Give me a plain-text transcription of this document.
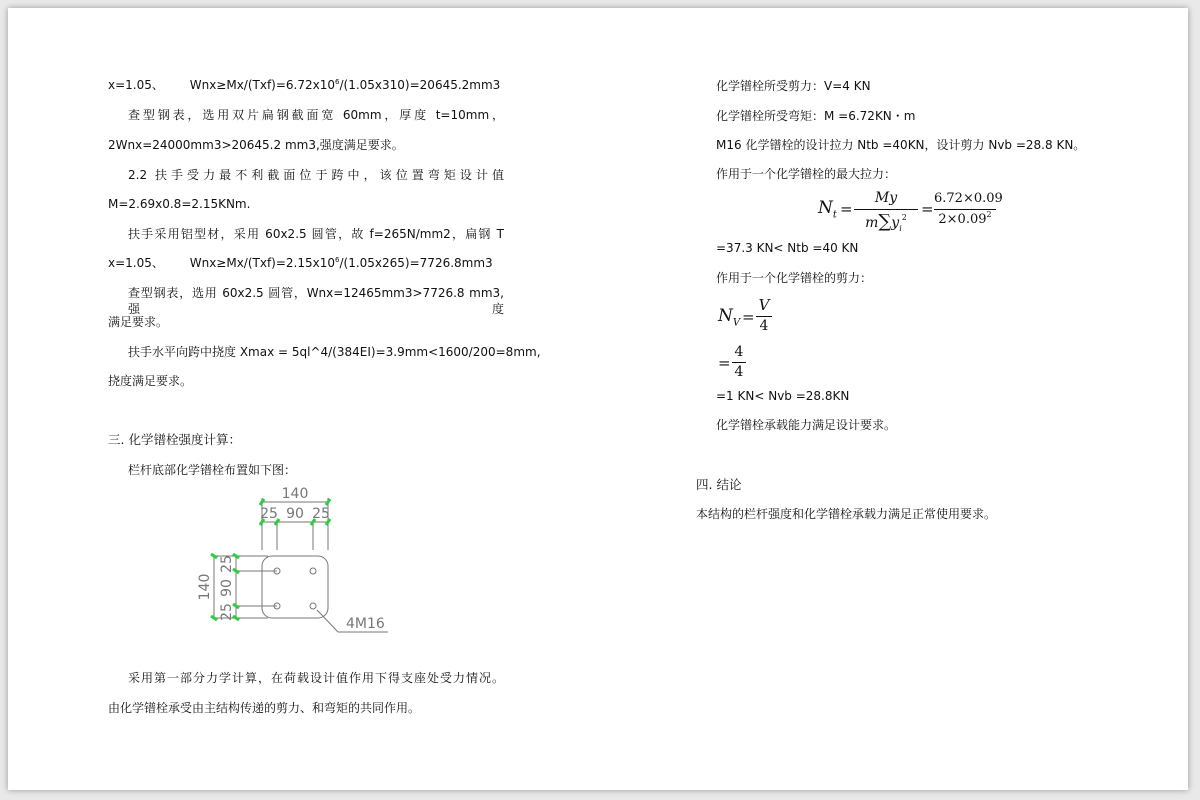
x=1.05、 $Wnx\ge Mx/(Txf)=6.72x10^6/(1.05x310)=20645.2mm3$
查型钢表，选用双片扁钢截面宽 60mm，厚度 t=10mm，
2Wnx=24000mm3>20645.2 mm3,强度满足要求。
2.2 扶手受力最不利截面位于跨中，该位置弯矩设计值
M=2.69x0.8=2.15KNm.
扶手采用铝型材，采用 60x2.5 圆管，故 f=265N/mm2，扁钢 Τ
x=1.05、 $Wnx\ge Mx/(Txf)=2.15x10^6/(1.05x265)=7726.8mm3$
查型钢表，选用 60x2.5 圆管，Wnx=12465mm3>7726.8 mm3,强度
满足要求。
扶手水平向跨中挠度 Xmax = 5ql^4/(384EI)=3.9mm<1600/200=8mm,
挠度满足要求。
三. 化学镨栓强度计算：
栏杆底部化学镨栓布置如下图：
140
25 90 25
140
25
90
25
4M16
采用第一部分力学计算，在荷载设计值作用下得支座处受力情况。
由化学镨栓承受由主结构传递的剪力、和弯矩的共同作用。
化学镨栓所受剪力：V=4 KN
化学镨栓所受弯矩：M =6.72KN・m
M16 化学镨栓的设计拉力 Ntb =40KN，设计剪力 Nvb =28.8 KN。
作用于一个化学镨栓的最大拉力：
$N_t$ =
My
$m\sum y_i^2$ =
6.72×0.09
$2\times 0.09^2$
=37.3 KN< Ntb =40 KN
作用于一个化学镨栓的剪力：
$N_V$ =
V
4
=
4
4
=1 KN< Nvb =28.8KN
化学镨栓承载能力满足设计要求。
四. 结论
本结构的栏杆强度和化学镨栓承载力满足正常使用要求。
